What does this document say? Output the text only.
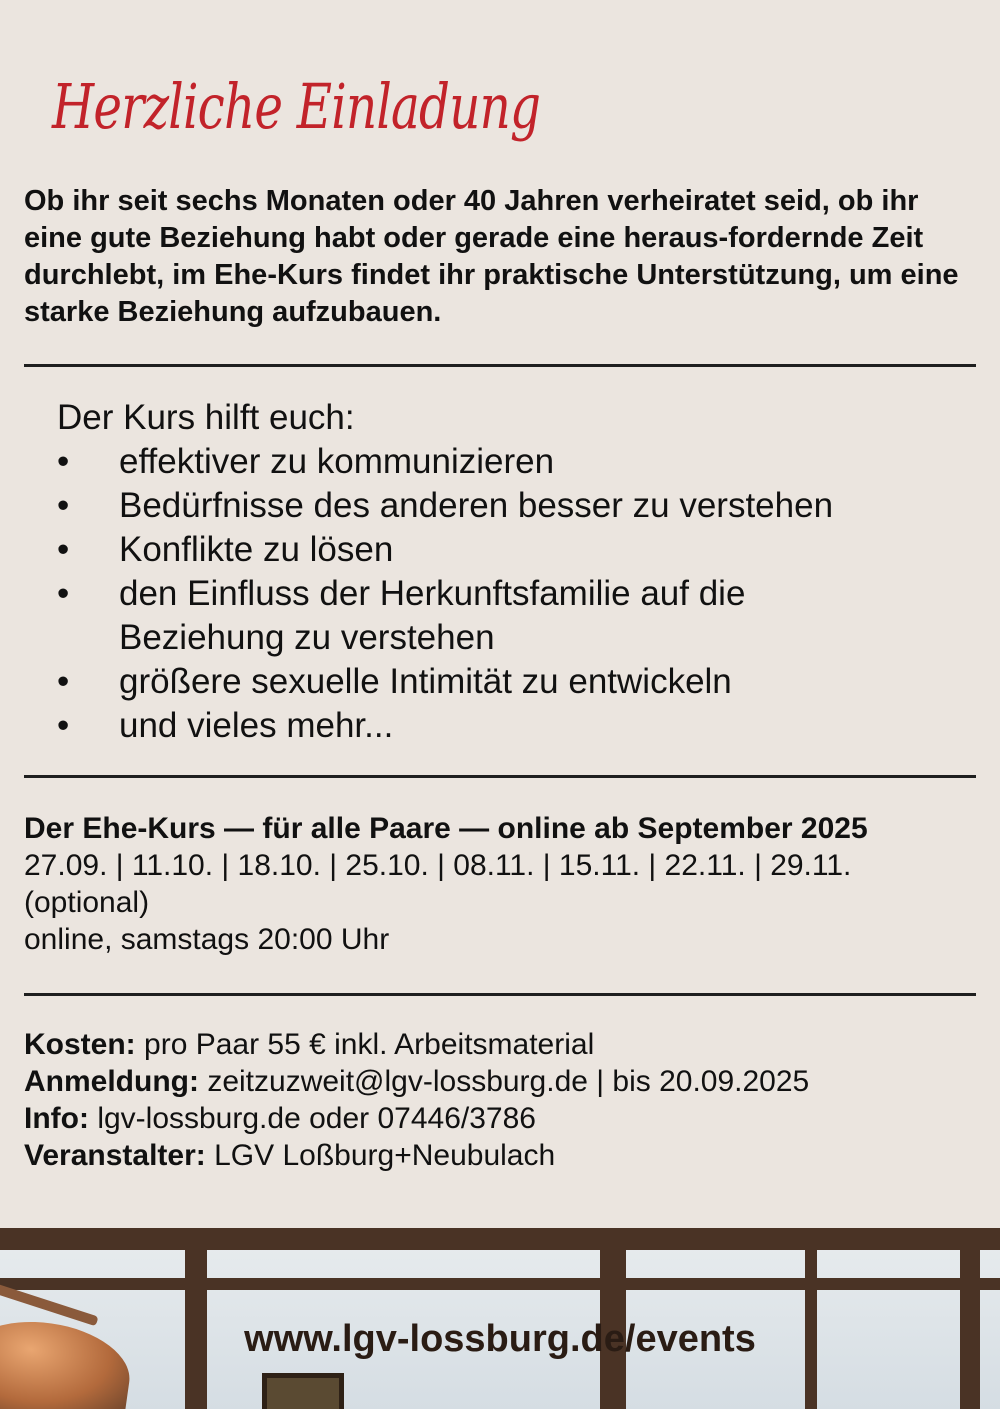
Herzliche Einladung
Ob ihr seit sechs Monaten oder 40 Jahren verheiratet seid, ob ihr eine gute Beziehung habt oder gerade eine heraus-fordernde Zeit durchlebt, im Ehe-Kurs findet ihr praktische Unterstützung, um eine starke Beziehung aufzubauen.

Der Kurs hilft euch:

• effektiver zu kommunizieren
• Bedürfnisse des anderen besser zu verstehen
• Konflikte zu lösen
• den Einfluss der Herkunftsfamilie auf die Beziehung zu verstehen
• größere sexuelle Intimität zu entwickeln
• und vieles mehr...
Der Ehe-Kurs — für alle Paare — online ab September 2025
27.09. | 11.10. | 18.10. | 25.10. | 08.11. | 15.11. | 22.11. | 29.11. (optional)
online, samstags 20:00 Uhr
Kosten: pro Paar 55 € inkl. Arbeitsmaterial
Anmeldung: zeitzuzweit@lgv-lossburg.de | bis 20.09.2025
Info: lgv-lossburg.de oder 07446/3786
Veranstalter: LGV Loßburg+Neubulach
www.lgv-lossburg.de/events
